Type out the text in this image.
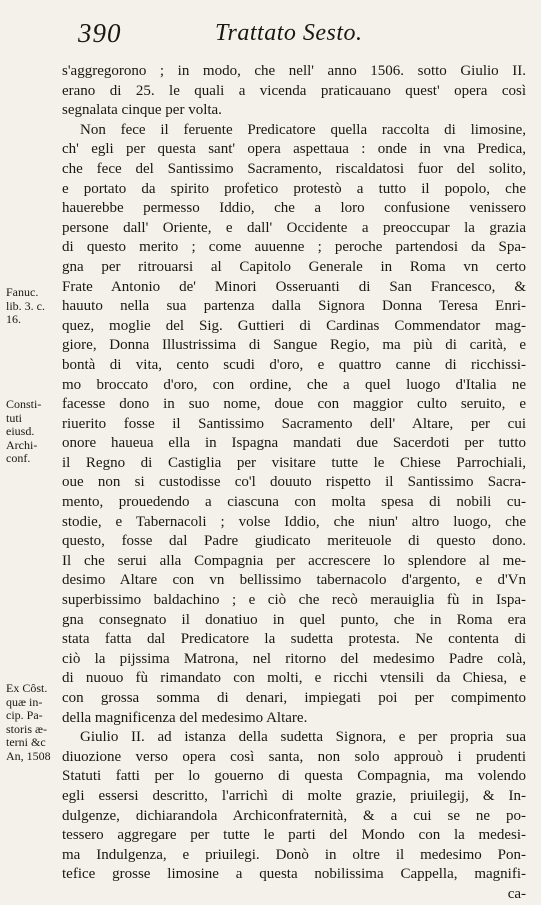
390	Trattato Sesto.
s'aggregorono ; in modo, che nell' anno 1506. sotto Giulio II.
erano di 25. le quali a vicenda praticauano quest' opera così
segnalata cinque per volta.
Non fece il feruente Predicatore quella raccolta di limosine,
ch' egli per questa sant' opera aspettaua : onde in vna Predica,
che fece del Santissimo Sacramento, riscaldatosi fuor del solito,
e portato da spirito profetico protestò a tutto il popolo, che
hauerebbe permesso Iddio, che a loro confusione venissero
persone dall' Oriente, e dall' Occidente a preoccupar la grazia
di questo merito ; come auuenne ; peroche partendosi da Spa-
gna per ritrouarsi al Capitolo Generale in Roma vn certo
Frate Antonio de' Minori Osseruanti di San Francesco, &
hauuto nella sua partenza dalla Signora Donna Teresa Enri-
quez, moglie del Sig. Guttieri di Cardinas Commendator mag-
giore, Donna Illustrissima di Sangue Regio, ma più di carità, e
bontà di vita, cento scudi d'oro, e quattro canne di ricchissi-
mo broccato d'oro, con ordine, che a quel luogo d'Italia ne
facesse dono in suo nome, doue con maggior culto seruito, e
riuerito fosse il Santissimo Sacramento dell' Altare, per cui
onore haueua ella in Ispagna mandati due Sacerdoti per tutto
il Regno di Castiglia per visitare tutte le Chiese Parrochiali,
oue non si custodisse co'l douuto rispetto il Santissimo Sacra-
mento, prouedendo a ciascuna con molta spesa di nobili cu-
stodie, e Tabernacoli ; volse Iddio, che niun' altro luogo, che
questo, fosse dal Padre giudicato meriteuole di questo dono.
Il che serui alla Compagnia per accrescere lo splendore al me-
desimo Altare con vn bellissimo tabernacolo d'argento, e d'Vn
superbissimo baldachino ; e ciò che recò merauiglia fù in Ispa-
gna consegnato il donatiuo in quel punto, che in Roma era
stata fatta dal Predicatore la sudetta protesta. Ne contenta di
ciò la pijssima Matrona, nel ritorno del medesimo Padre colà,
di nuouo fù rimandato con molti, e ricchi vtensili da Chiesa, e
con grossa somma di denari, impiegati poi per compimento
della magnificenza del medesimo Altare.
Giulio II. ad istanza della sudetta Signora, e per propria sua
diuozione verso opera così santa, non solo approuò i prudenti
Statuti fatti per lo gouerno di questa Compagnia, ma volendo
egli essersi descritto, l'arrichì di molte grazie, priuilegij, & In-
dulgenze, dichiarandola Archiconfraternità, & a cui se ne po-
tessero aggregare per tutte le parti del Mondo con la medesi-
ma Indulgenza, e priuilegi. Donò in oltre il medesimo Pon-
tefice grosse limosine a questa nobilissima Cappella, magnifi-
ca-
Fanuc.
lib. 3. c.
16.
Consti-
tuti
eiusd.
Archi-
conf.
Ex Côst.
quæ in-
cip. Pa-
storis æ-
terni &c
An, 1508
